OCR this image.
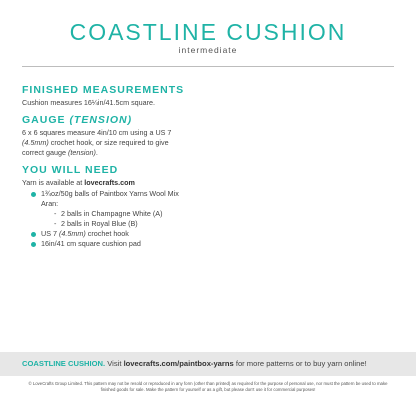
COASTLINE CUSHION
intermediate
FINISHED MEASUREMENTS

Cushion measures 16¼in/41.5cm square.

GAUGE (TENSION)

6 x 6 squares measure 4in/10 cm using a US 7
(4.5mm) crochet hook, or size required to give
correct gauge (tension).

YOU WILL NEED

Yarn is available at lovecrafts.com

1¾oz/50g balls of Paintbox Yarns Wool Mix
Aran:
- 2 balls in Champagne White (A)
- 2 balls in Royal Blue (B)
US 7 (4.5mm) crochet hook
16in/41 cm square cushion pad
COASTLINE CUSHION. Visit lovecrafts.com/paintbox-yarns for more patterns or to buy yarn online!
© LoveCrafts Group Limited. This pattern may not be resold or reproduced in any form (other than printed) as required for the purpose of personal use, nor must the pattern be used to make finished goods for sale. Make the pattern for yourself or as a gift, but please don't use it for commercial purposes!
